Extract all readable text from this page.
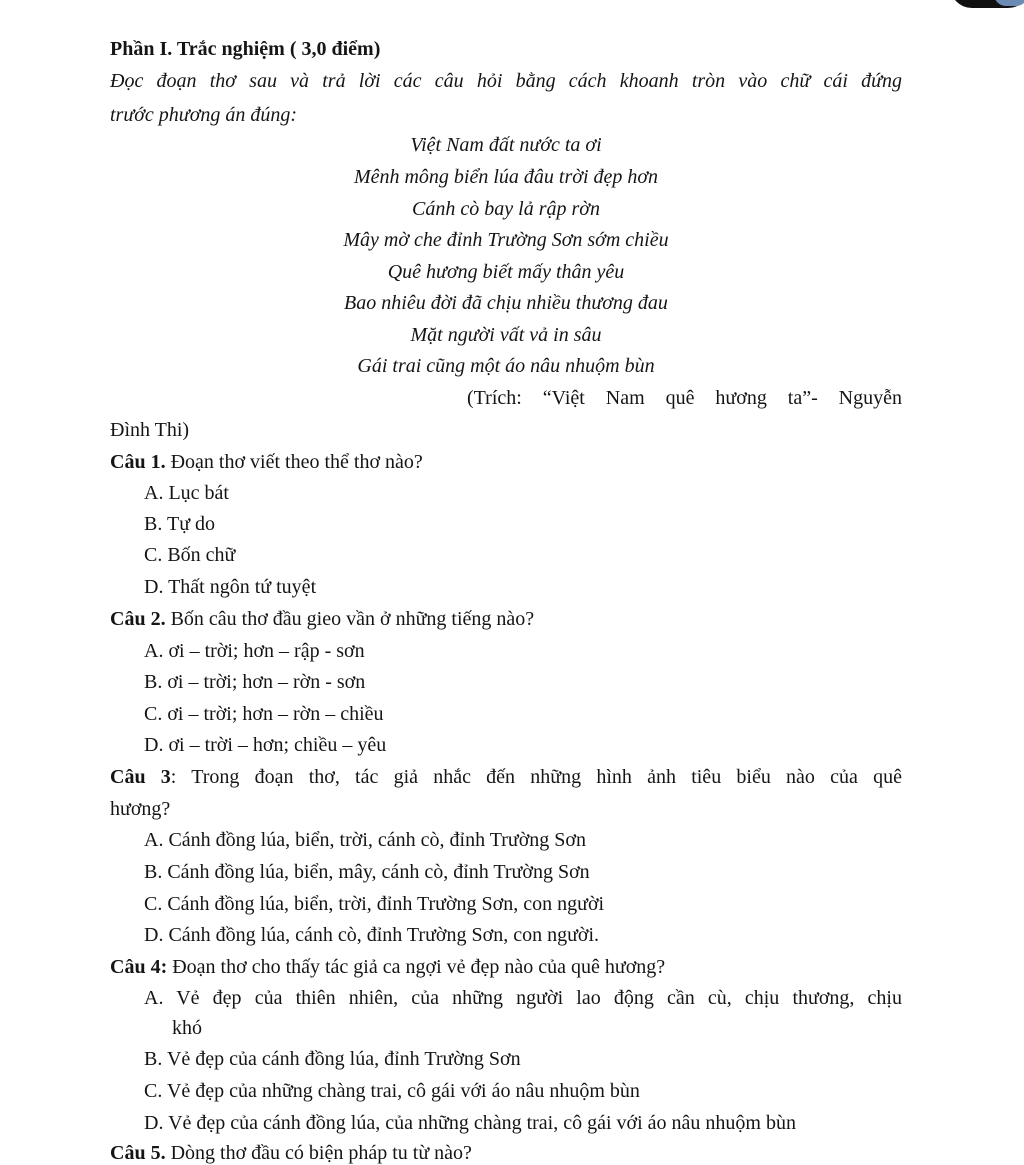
Phần I. Trắc nghiệm ( 3,0 điểm)
Đọc đoạn thơ sau và trả lời các câu hỏi bằng cách khoanh tròn vào chữ cái đứng
trước phương án đúng:
Việt Nam đất nước ta ơi
Mênh mông biển lúa đâu trời đẹp hơn
Cánh cò bay lả rập rờn
Mây mờ che đỉnh Trường Sơn sớm chiều
Quê hương biết mấy thân yêu
Bao nhiêu đời đã chịu nhiều thương đau
Mặt người vất vả in sâu
Gái trai cũng một áo nâu nhuộm bùn
(Trích: “Việt Nam quê hương ta”- Nguyễn
Đình Thi)
Câu 1. Đoạn thơ viết theo thể thơ nào?
A. Lục bát
B. Tự do
C. Bốn chữ
D. Thất ngôn tứ tuyệt
Câu 2. Bốn câu thơ đầu gieo vần ở những tiếng nào?
A. ơi – trời; hơn – rập - sơn
B. ơi – trời; hơn – rờn - sơn
C. ơi – trời; hơn – rờn – chiều
D. ơi – trời – hơn; chiều – yêu
Câu 3: Trong đoạn thơ, tác giả nhắc đến những hình ảnh tiêu biểu nào của quê
hương?
A. Cánh đồng lúa, biển, trời, cánh cò, đỉnh Trường Sơn
B. Cánh đồng lúa, biển, mây, cánh cò, đỉnh Trường Sơn
C. Cánh đồng lúa, biển, trời, đỉnh Trường Sơn, con người
D. Cánh đồng lúa, cánh cò, đỉnh Trường Sơn, con người.
Câu 4: Đoạn thơ cho thấy tác giả ca ngợi vẻ đẹp nào của quê hương?
A. Vẻ đẹp của thiên nhiên, của những người lao động cần cù, chịu thương, chịu
khó
B. Vẻ đẹp của cánh đồng lúa, đỉnh Trường Sơn
C. Vẻ đẹp của những chàng trai, cô gái với áo nâu nhuộm bùn
D. Vẻ đẹp của cánh đồng lúa, của những chàng trai, cô gái với áo nâu nhuộm bùn
Câu 5. Dòng thơ đầu có biện pháp tu từ nào?
